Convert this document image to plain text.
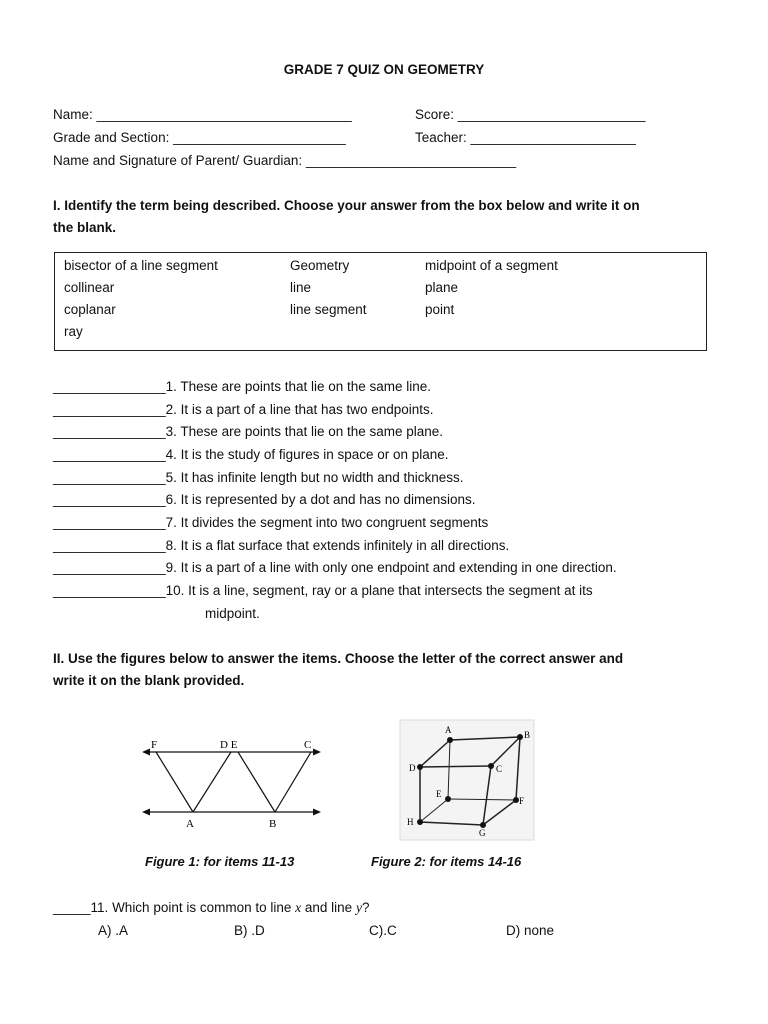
GRADE 7 QUIZ ON GEOMETRY
Name: __________________________________	Score: _________________________
Grade and Section: _______________________	Teacher: ______________________
Name and Signature of Parent/ Guardian: ____________________________
I. Identify the term being described. Choose your answer from the box below and write it on
the blank.
bisector of a line segment	Geometry	midpoint of a segment
collinear	line	plane
coplanar	line segment	point
ray
_______________1. These are points that lie on the same line.
_______________2. It is a part of a line that has two endpoints.
_______________3. These are points that lie on the same plane.
_______________4. It is the study of figures in space or on plane.
_______________5. It has infinite length but no width and thickness.
_______________6. It is represented by a dot and has no dimensions.
_______________7. It divides the segment into two congruent segments
_______________8. It is a flat surface that extends infinitely in all directions.
_______________9. It is a part of a line with only one endpoint and extending in one direction.
_______________10. It is a line, segment, ray or a plane that intersects the segment at its
midpoint.
II. Use the figures below to answer the items. Choose the letter of the correct answer and
write it on the blank provided.
F	D E	C
A	B
A	B
C
D
E
F
G
H
Figure 1: for items 11-13	Figure 2: for items 14-16
_____11. Which point is common to line x and line y?
A) .A	B) .D	C).C	D) none
